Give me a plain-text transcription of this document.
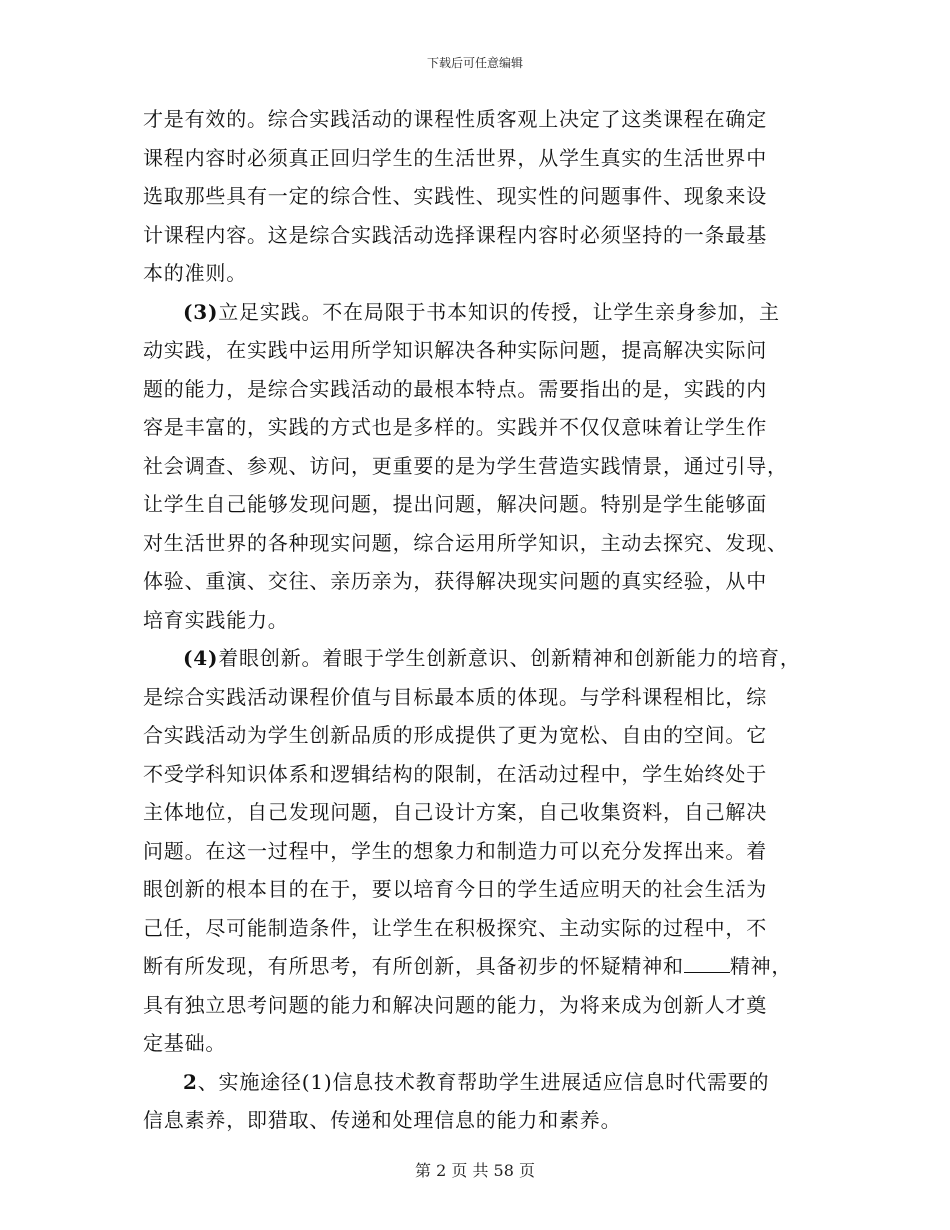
下载后可任意编辑
才是有效的。综合实践活动的课程性质客观上决定了这类课程在确定
课程内容时必须真正回归学生的生活世界，从学生真实的生活世界中
选取那些具有一定的综合性、实践性、现实性的问题事件、现象来设
计课程内容。这是综合实践活动选择课程内容时必须坚持的一条最基
本的准则。
(3)立足实践。不在局限于书本知识的传授，让学生亲身参加，主
动实践，在实践中运用所学知识解决各种实际问题，提高解决实际问
题的能力，是综合实践活动的最根本特点。需要指出的是，实践的内
容是丰富的，实践的方式也是多样的。实践并不仅仅意味着让学生作
社会调查、参观、访问，更重要的是为学生营造实践情景，通过引导，
让学生自己能够发现问题，提出问题，解决问题。特别是学生能够面
对生活世界的各种现实问题，综合运用所学知识，主动去探究、发现、
体验、重演、交往、亲历亲为，获得解决现实问题的真实经验，从中
培育实践能力。
(4)着眼创新。着眼于学生创新意识、创新精神和创新能力的培育，
是综合实践活动课程价值与目标最本质的体现。与学科课程相比，综
合实践活动为学生创新品质的形成提供了更为宽松、自由的空间。它
不受学科知识体系和逻辑结构的限制，在活动过程中，学生始终处于
主体地位，自己发现问题，自己设计方案，自己收集资料，自己解决
问题。在这一过程中，学生的想象力和制造力可以充分发挥出来。着
眼创新的根本目的在于，要以培育今日的学生适应明天的社会生活为
己任，尽可能制造条件，让学生在积极探究、主动实际的过程中，不
断有所发现，有所思考，有所创新，具备初步的怀疑精神和 精神，
具有独立思考问题的能力和解决问题的能力，为将来成为创新人才奠
定基础。
2、实施途径(1)信息技术教育帮助学生进展适应信息时代需要的
信息素养，即猎取、传递和处理信息的能力和素养。
第 2 页 共 58 页
